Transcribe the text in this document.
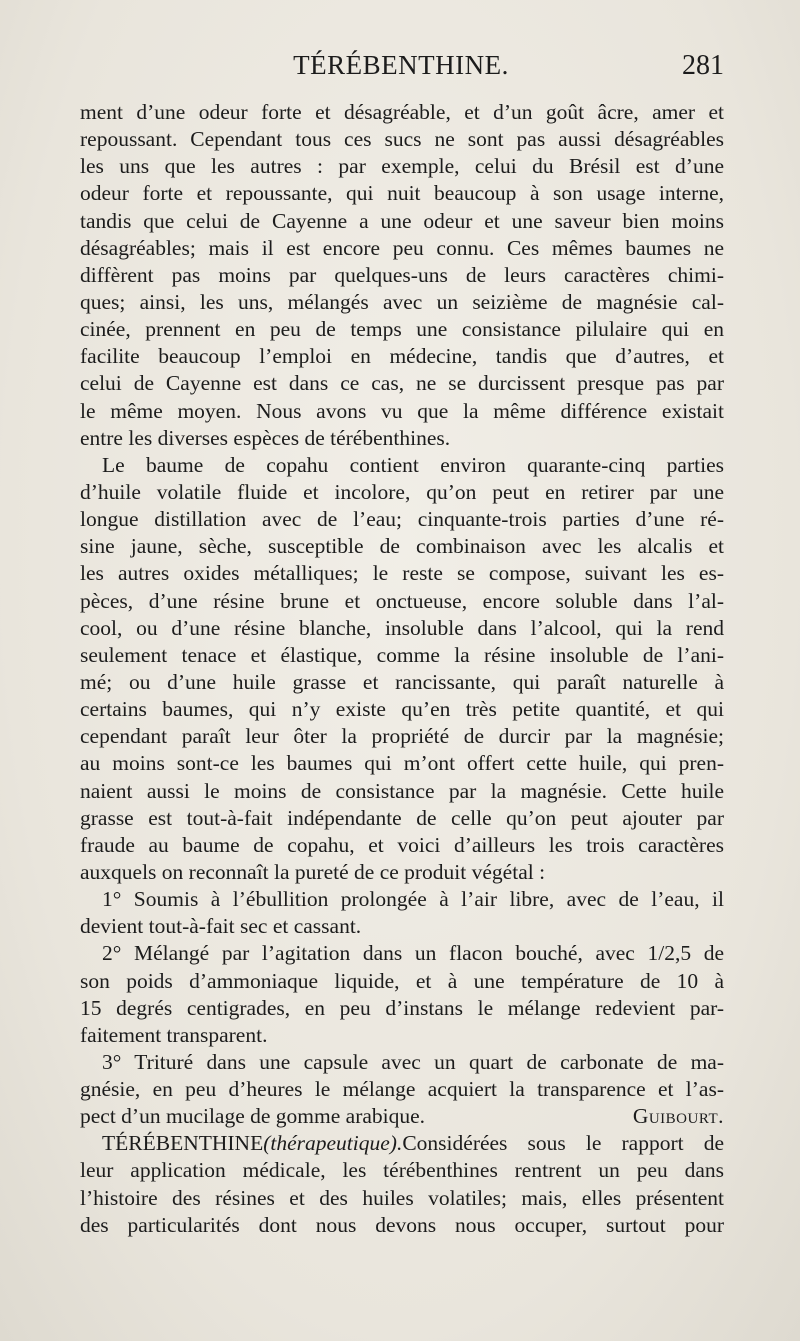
TÉRÉBENTHINE.	281
ment d’une odeur forte et désagréable, et d’un goût âcre, amer et
repoussant. Cependant tous ces sucs ne sont pas aussi désagréables
les uns que les autres : par exemple, celui du Brésil est d’une
odeur forte et repoussante, qui nuit beaucoup à son usage interne,
tandis que celui de Cayenne a une odeur et une saveur bien moins
désagréables; mais il est encore peu connu. Ces mêmes baumes ne
diffèrent pas moins par quelques-uns de leurs caractères chimi-
ques; ainsi, les uns, mélangés avec un seizième de magnésie cal-
cinée, prennent en peu de temps une consistance pilulaire qui en
facilite beaucoup l’emploi en médecine, tandis que d’autres, et
celui de Cayenne est dans ce cas, ne se durcissent presque pas par
le même moyen. Nous avons vu que la même différence existait
entre les diverses espèces de térébenthines.
Le baume de copahu contient environ quarante-cinq parties
d’huile volatile fluide et incolore, qu’on peut en retirer par une
longue distillation avec de l’eau; cinquante-trois parties d’une ré-
sine jaune, sèche, susceptible de combinaison avec les alcalis et
les autres oxides métalliques; le reste se compose, suivant les es-
pèces, d’une résine brune et onctueuse, encore soluble dans l’al-
cool, ou d’une résine blanche, insoluble dans l’alcool, qui la rend
seulement tenace et élastique, comme la résine insoluble de l’ani-
mé; ou d’une huile grasse et rancissante, qui paraît naturelle à
certains baumes, qui n’y existe qu’en très petite quantité, et qui
cependant paraît leur ôter la propriété de durcir par la magnésie;
au moins sont-ce les baumes qui m’ont offert cette huile, qui pren-
naient aussi le moins de consistance par la magnésie. Cette huile
grasse est tout-à-fait indépendante de celle qu’on peut ajouter par
fraude au baume de copahu, et voici d’ailleurs les trois caractères
auxquels on reconnaît la pureté de ce produit végétal :
1° Soumis à l’ébullition prolongée à l’air libre, avec de l’eau, il
devient tout-à-fait sec et cassant.
2° Mélangé par l’agitation dans un flacon bouché, avec 1/2,5 de
son poids d’ammoniaque liquide, et à une température de 10 à
15 degrés centigrades, en peu d’instans le mélange redevient par-
faitement transparent.
3° Trituré dans une capsule avec un quart de carbonate de ma-
gnésie, en peu d’heures le mélange acquiert la transparence et l’as-
pect d’un mucilage de gomme arabique.	Guibourt.
TÉRÉBENTHINE(thérapeutique).Considérées sous le rapport de
leur application médicale, les térébenthines rentrent un peu dans
l’histoire des résines et des huiles volatiles; mais, elles présentent
des particularités dont nous devons nous occuper, surtout pour
